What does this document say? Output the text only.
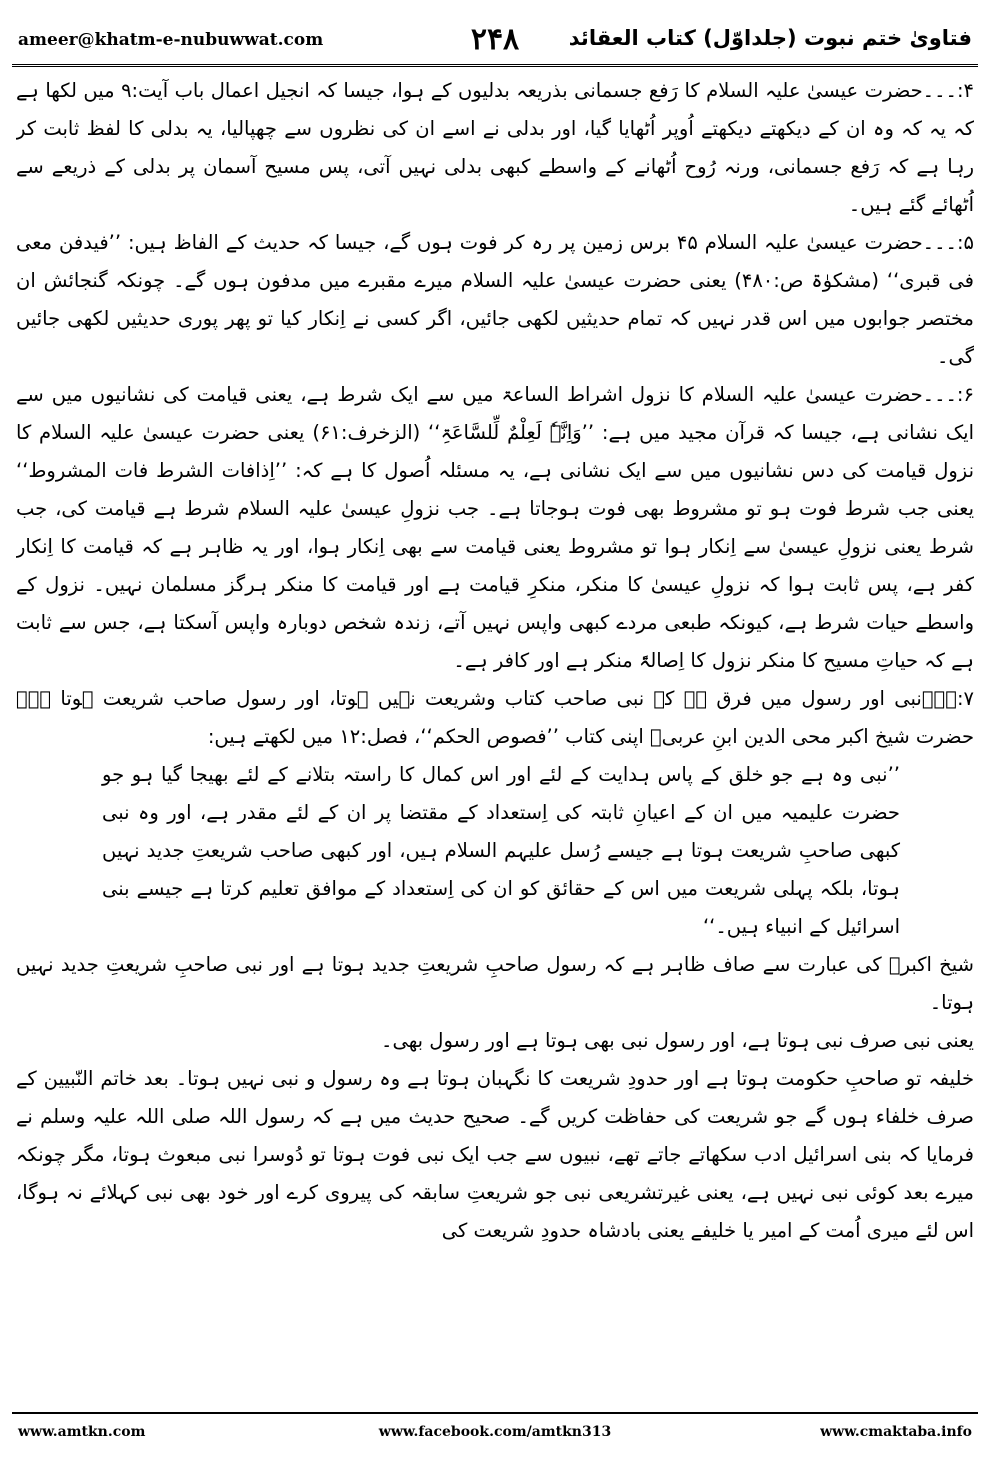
ameer@khatm-e-nubuwwat.com	۲۴۸	فتاویٰ ختم نبوت (جلداوّل) کتاب العقائد

۴:۔۔۔حضرت عیسیٰ علیہ السلام کا رَفع جسمانی بذریعہ بدلیوں کے ہوا، جیسا کہ انجیل اعمال باب آیت:۹ میں لکھا ہے کہ یہ کہ وہ ان کے دیکھتے دیکھتے اُوپر اُٹھایا گیا، اور بدلی نے اسے ان کی نظروں سے چھپالیا، یہ بدلی کا لفظ ثابت کر رہا ہے کہ رَفع جسمانی، ورنہ رُوح اُٹھانے کے واسطے کبھی بدلی نہیں آتی، پس مسیح آسمان پر بدلی کے ذریعے سے اُٹھائے گئے ہیں۔

۵:۔۔۔حضرت عیسیٰ علیہ السلام ۴۵ برس زمین پر رہ کر فوت ہوں گے، جیسا کہ حدیث کے الفاظ ہیں: ’’فیدفن معی فی قبری‘‘ (مشکوٰۃ ص:۴۸۰) یعنی حضرت عیسیٰ علیہ السلام میرے مقبرے میں مدفون ہوں گے۔ چونکہ گنجائش ان مختصر جوابوں میں اس قدر نہیں کہ تمام حدیثیں لکھی جائیں، اگر کسی نے اِنکار کیا تو پھر پوری حدیثیں لکھی جائیں گی۔

۶:۔۔۔حضرت عیسیٰ علیہ السلام کا نزول اشراط الساعۃ میں سے ایک شرط ہے، یعنی قیامت کی نشانیوں میں سے ایک نشانی ہے، جیسا کہ قرآن مجید میں ہے: ’’وَاِنَّہٗ لَعِلْمٌ لِّلسَّاعَۃِ‘‘ (الزخرف:۶۱) یعنی حضرت عیسیٰ علیہ السلام کا نزول قیامت کی دس نشانیوں میں سے ایک نشانی ہے، یہ مسئلہ اُصول کا ہے کہ: ’’اِذافات الشرط فات المشروط‘‘ یعنی جب شرط فوت ہو تو مشروط بھی فوت ہوجاتا ہے۔ جب نزولِ عیسیٰ علیہ السلام شرط ہے قیامت کی، جب شرط یعنی نزولِ عیسیٰ سے اِنکار ہوا تو مشروط یعنی قیامت سے بھی اِنکار ہوا، اور یہ ظاہر ہے کہ قیامت کا اِنکار کفر ہے، پس ثابت ہوا کہ نزولِ عیسیٰ کا منکر، منکرِ قیامت ہے اور قیامت کا منکر ہرگز مسلمان نہیں۔ نزول کے واسطے حیات شرط ہے، کیونکہ طبعی مردے کبھی واپس نہیں آتے، زندہ شخص دوبارہ واپس آسکتا ہے، جس سے ثابت ہے کہ حیاتِ مسیح کا منکر نزول کا اِصالۃً منکر ہے اور کافر ہے۔

۷:۔۔۔نبی اور رسول میں فرق ہے کہ نبی صاحب کتاب وشریعت نہیں ہوتا، اور رسول صاحب شریعت ہوتا ہے۔ حضرت شیخ اکبر محی الدین ابنِ عربیؒ اپنی کتاب ’’فصوص الحکم‘‘، فصل:۱۲ میں لکھتے ہیں:

’’نبی وہ ہے جو خلق کے پاس ہدایت کے لئے اور اس کمال کا راستہ بتلانے کے لئے بھیجا گیا ہو جو حضرت علیمیہ میں ان کے اعیانِ ثابتہ کی اِستعداد کے مقتضا پر ان کے لئے مقدر ہے، اور وہ نبی کبھی صاحبِ شریعت ہوتا ہے جیسے رُسل علیہم السلام ہیں، اور کبھی صاحب شریعتِ جدید نہیں ہوتا، بلکہ پہلی شریعت میں اس کے حقائق کو ان کی اِستعداد کے موافق تعلیم کرتا ہے جیسے بنی اسرائیل کے انبیاء ہیں۔‘‘

شیخ اکبرؒ کی عبارت سے صاف ظاہر ہے کہ رسول صاحبِ شریعتِ جدید ہوتا ہے اور نبی صاحبِ شریعتِ جدید نہیں ہوتا۔

یعنی نبی صرف نبی ہوتا ہے، اور رسول نبی بھی ہوتا ہے اور رسول بھی۔

خلیفہ تو صاحبِ حکومت ہوتا ہے اور حدودِ شریعت کا نگہبان ہوتا ہے وہ رسول و نبی نہیں ہوتا۔ بعد خاتم النّبیین کے صرف خلفاء ہوں گے جو شریعت کی حفاظت کریں گے۔ صحیح حدیث میں ہے کہ رسول اللہ صلی اللہ علیہ وسلم نے فرمایا کہ بنی اسرائیل ادب سکھاتے جاتے تھے، نبیوں سے جب ایک نبی فوت ہوتا تو دُوسرا نبی مبعوث ہوتا، مگر چونکہ میرے بعد کوئی نبی نہیں ہے، یعنی غیرتشریعی نبی جو شریعتِ سابقہ کی پیروی کرے اور خود بھی نبی کہلائے نہ ہوگا، اس لئے میری اُمت کے امیر یا خلیفے یعنی بادشاہ حدودِ شریعت کی

www.amtkn.com	www.facebook.com/amtkn313	www.cmaktaba.info
